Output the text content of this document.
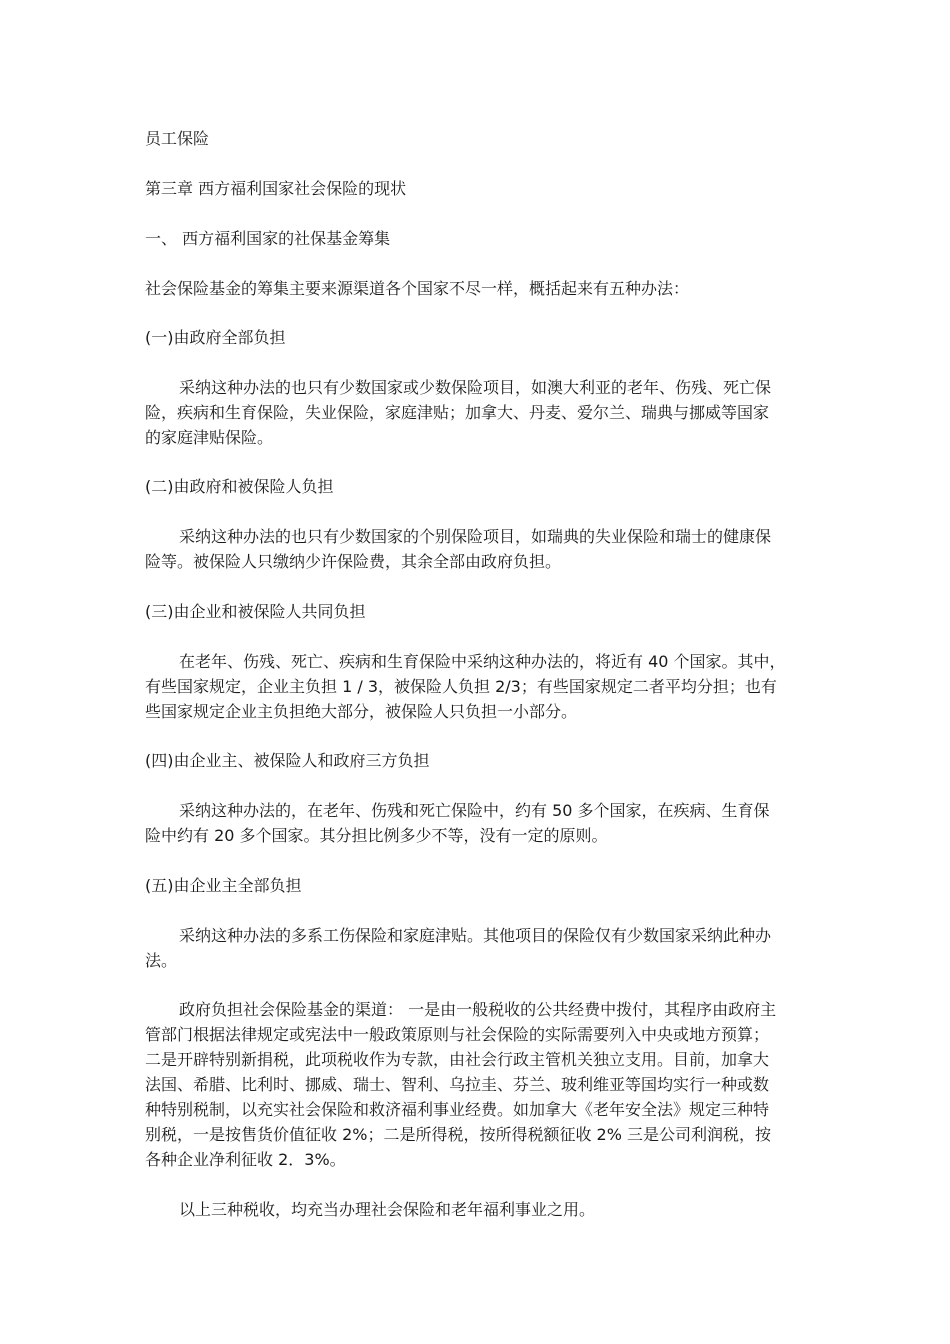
员工保险

第三章 西方福利国家社会保险的现状

一、 西方福利国家的社保基金筹集

社会保险基金的筹集主要来源渠道各个国家不尽一样，概括起来有五种办法：

(一)由政府全部负担

采纳这种办法的也只有少数国家或少数保险项目，如澳大利亚的老年、伤残、死亡保
险，疾病和生育保险，失业保险，家庭津贴；加拿大、丹麦、爱尔兰、瑞典与挪威等国家
的家庭津贴保险。

(二)由政府和被保险人负担

采纳这种办法的也只有少数国家的个别保险项目，如瑞典的失业保险和瑞士的健康保
险等。被保险人只缴纳少许保险费，其余全部由政府负担。

(三)由企业和被保险人共同负担

在老年、伤残、死亡、疾病和生育保险中采纳这种办法的，将近有 40 个国家。其中，
有些国家规定，企业主负担 1 / 3，被保险人负担 2/3；有些国家规定二者平均分担；也有
些国家规定企业主负担绝大部分，被保险人只负担一小部分。

(四)由企业主、被保险人和政府三方负担

采纳这种办法的，在老年、伤残和死亡保险中，约有 50 多个国家，在疾病、生育保
险中约有 20 多个国家。其分担比例多少不等，没有一定的原则。

(五)由企业主全部负担

采纳这种办法的多系工伤保险和家庭津贴。其他项目的保险仅有少数国家采纳此种办
法。
政府负担社会保险基金的渠道： 一是由一般税收的公共经费中拨付，其程序由政府主
管部门根据法律规定或宪法中一般政策原则与社会保险的实际需要列入中央或地方预算；
二是开辟特别新捐税，此项税收作为专款，由社会行政主管机关独立支用。目前，加拿大
法国、希腊、比利时、挪威、瑞士、智利、乌拉圭、芬兰、玻利维亚等国均实行一种或数
种特别税制，以充实社会保险和救济福利事业经费。如加拿大《老年安全法》规定三种特
别税，一是按售货价值征收 2%；二是所得税，按所得税额征收 2% 三是公司利润税，按
各种企业净利征收 2．3%。

以上三种税收，均充当办理社会保险和老年福利事业之用。
